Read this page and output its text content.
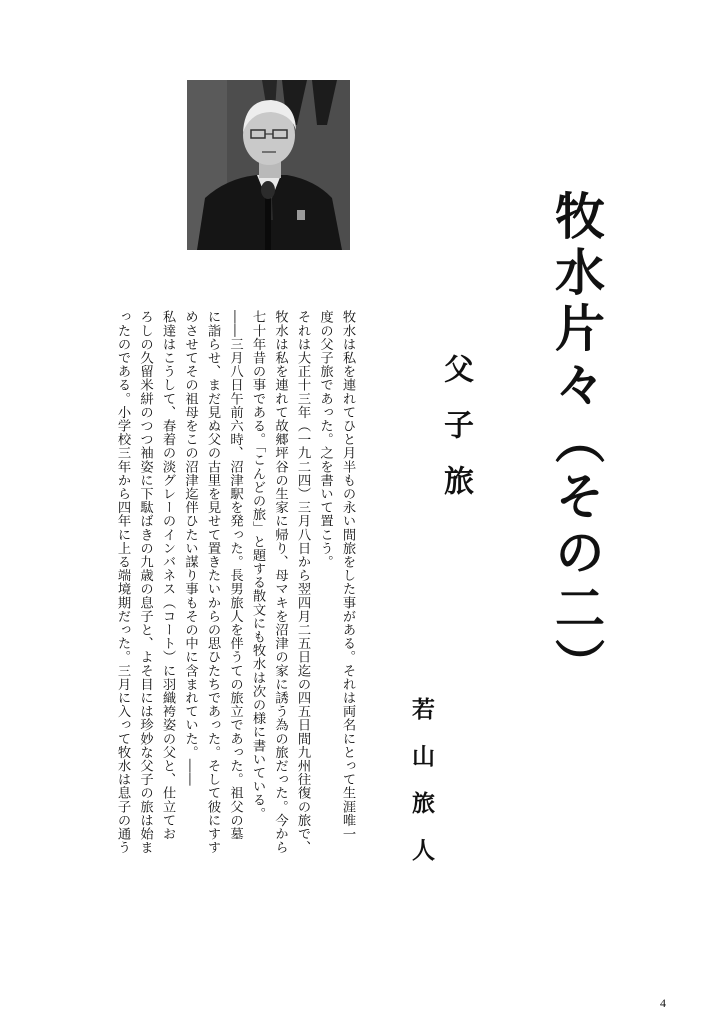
牧水片々（その二）
父子旅
若山旅人

牧水は私を連れてひと月半もの永い間旅をした事がある。それは両名にとって生涯唯一

度の父子旅であった。之を書いて置こう。

それは大正十三年（一九二四）三月八日から翌四月二五日迄の四五日間九州往復の旅で、

牧水は私を連れて故郷坪谷の生家に帰り、母マキを沼津の家に誘う為の旅だった。今から

七十年昔の事である。「こんどの旅」と題する散文にも牧水は次の様に書いている。

――三月八日午前六時、沼津駅を発った。長男旅人を伴うての旅立であった。祖父の墓

に詣らせ、まだ見ぬ父の古里を見せて置きたいからの思ひたちであった。そして彼にすす

めさせてその祖母をこの沼津迄伴ひたい謀り事もその中に含まれていた。――

私達はこうして、春着の淡グレーのインバネス（コート）に羽織袴姿の父と、仕立てお

ろしの久留米絣のつつ袖姿に下駄ばきの九歳の息子と、よそ目には珍妙な父子の旅は始ま

ったのである。小学校三年から四年に上る端境期だった。三月に入って牧水は息子の通う

4
